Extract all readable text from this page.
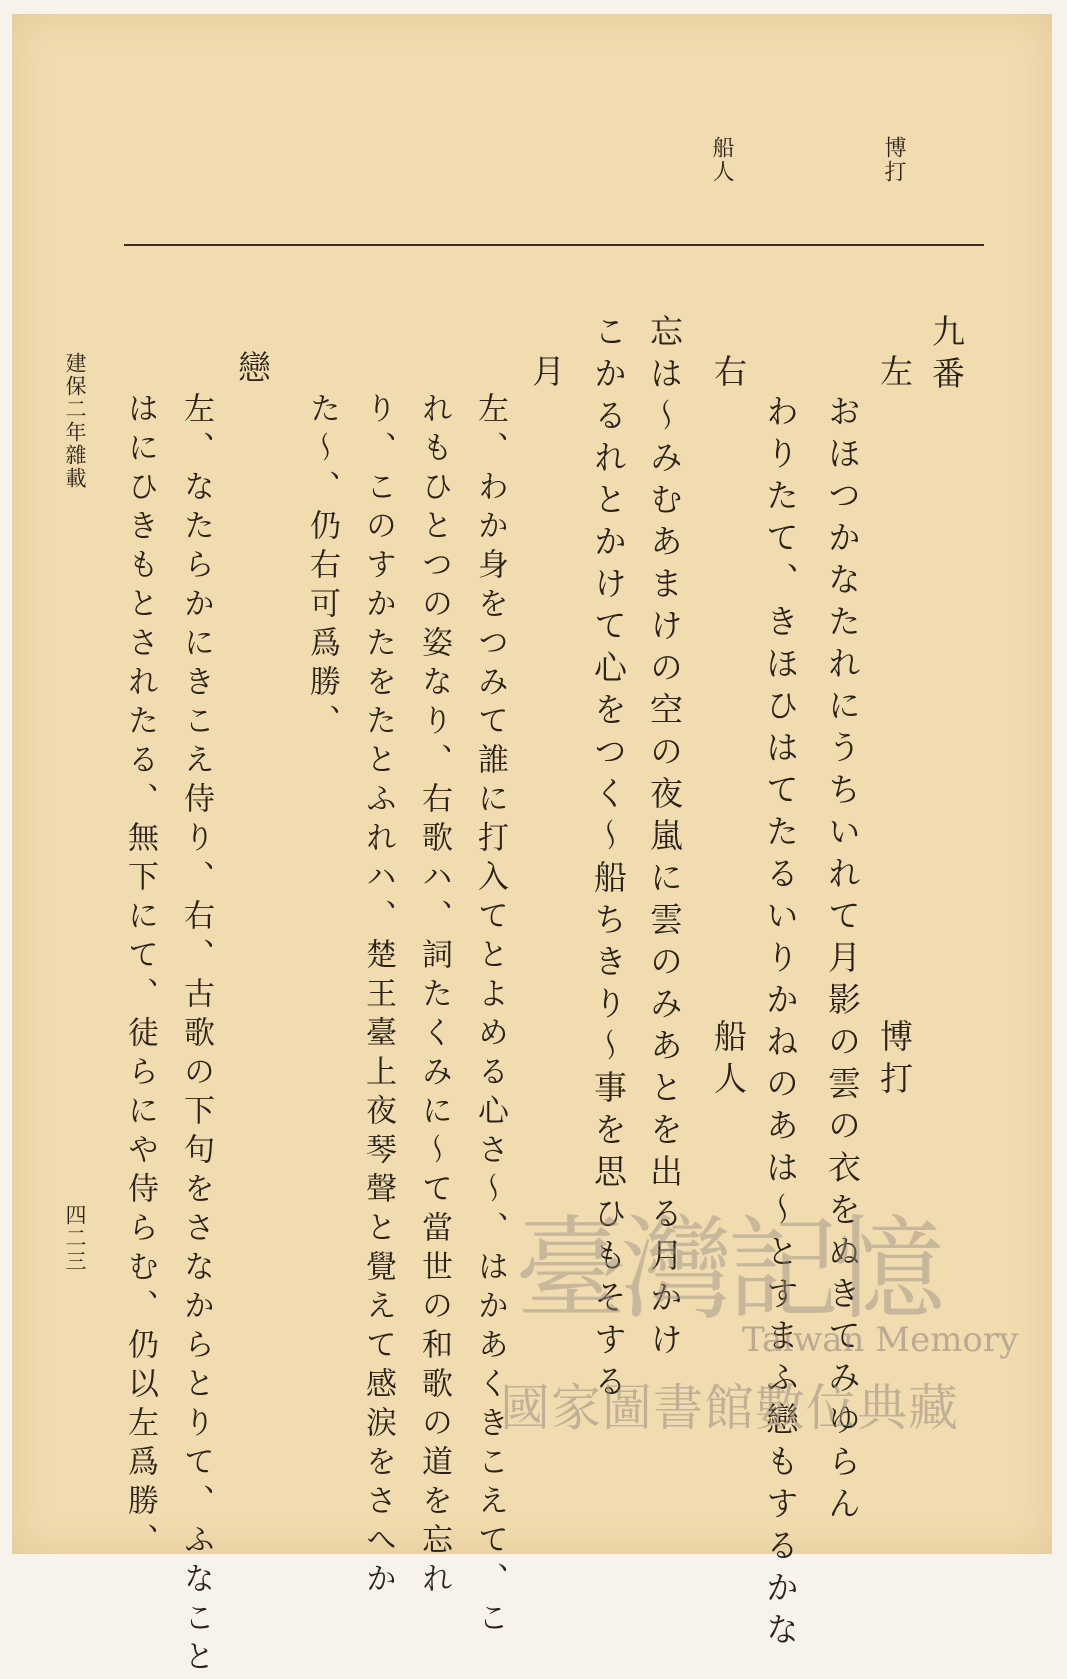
博打
船人
九番
左
おほつかなたれにうちいれて月影の雲の衣をぬきてみゆらん 博打
わりたて、きほひはてたるいりかねのあは〜とすまふ戀もするかな
右
船人
忘は〜みむあまけの空の夜嵐に雲のみあとを出る月かけ
こかるれとかけて心をつく〜船ちきり〜事を思ひもそする
月
左、わか身をつみて誰に打入てとよめる心さ〜、はかあくきこえて、こ
れもひとつの姿なり、右歌ハ、詞たくみに〜て當世の和歌の道を忘れ
り、このすかたをたとふれハ、楚王臺上夜琴聲と覺えて感涙をさへか
た〜、仍右可爲勝、
戀
左、なたらかにきこえ侍り、右、古歌の下句をさなからとりて、ふなこと
はにひきもとされたる、無下にて、徒らにや侍らむ、仍以左爲勝、
建保二年雜載
四二三	臺灣記憶
Taiwan Memory
國家圖書館數位典藏
